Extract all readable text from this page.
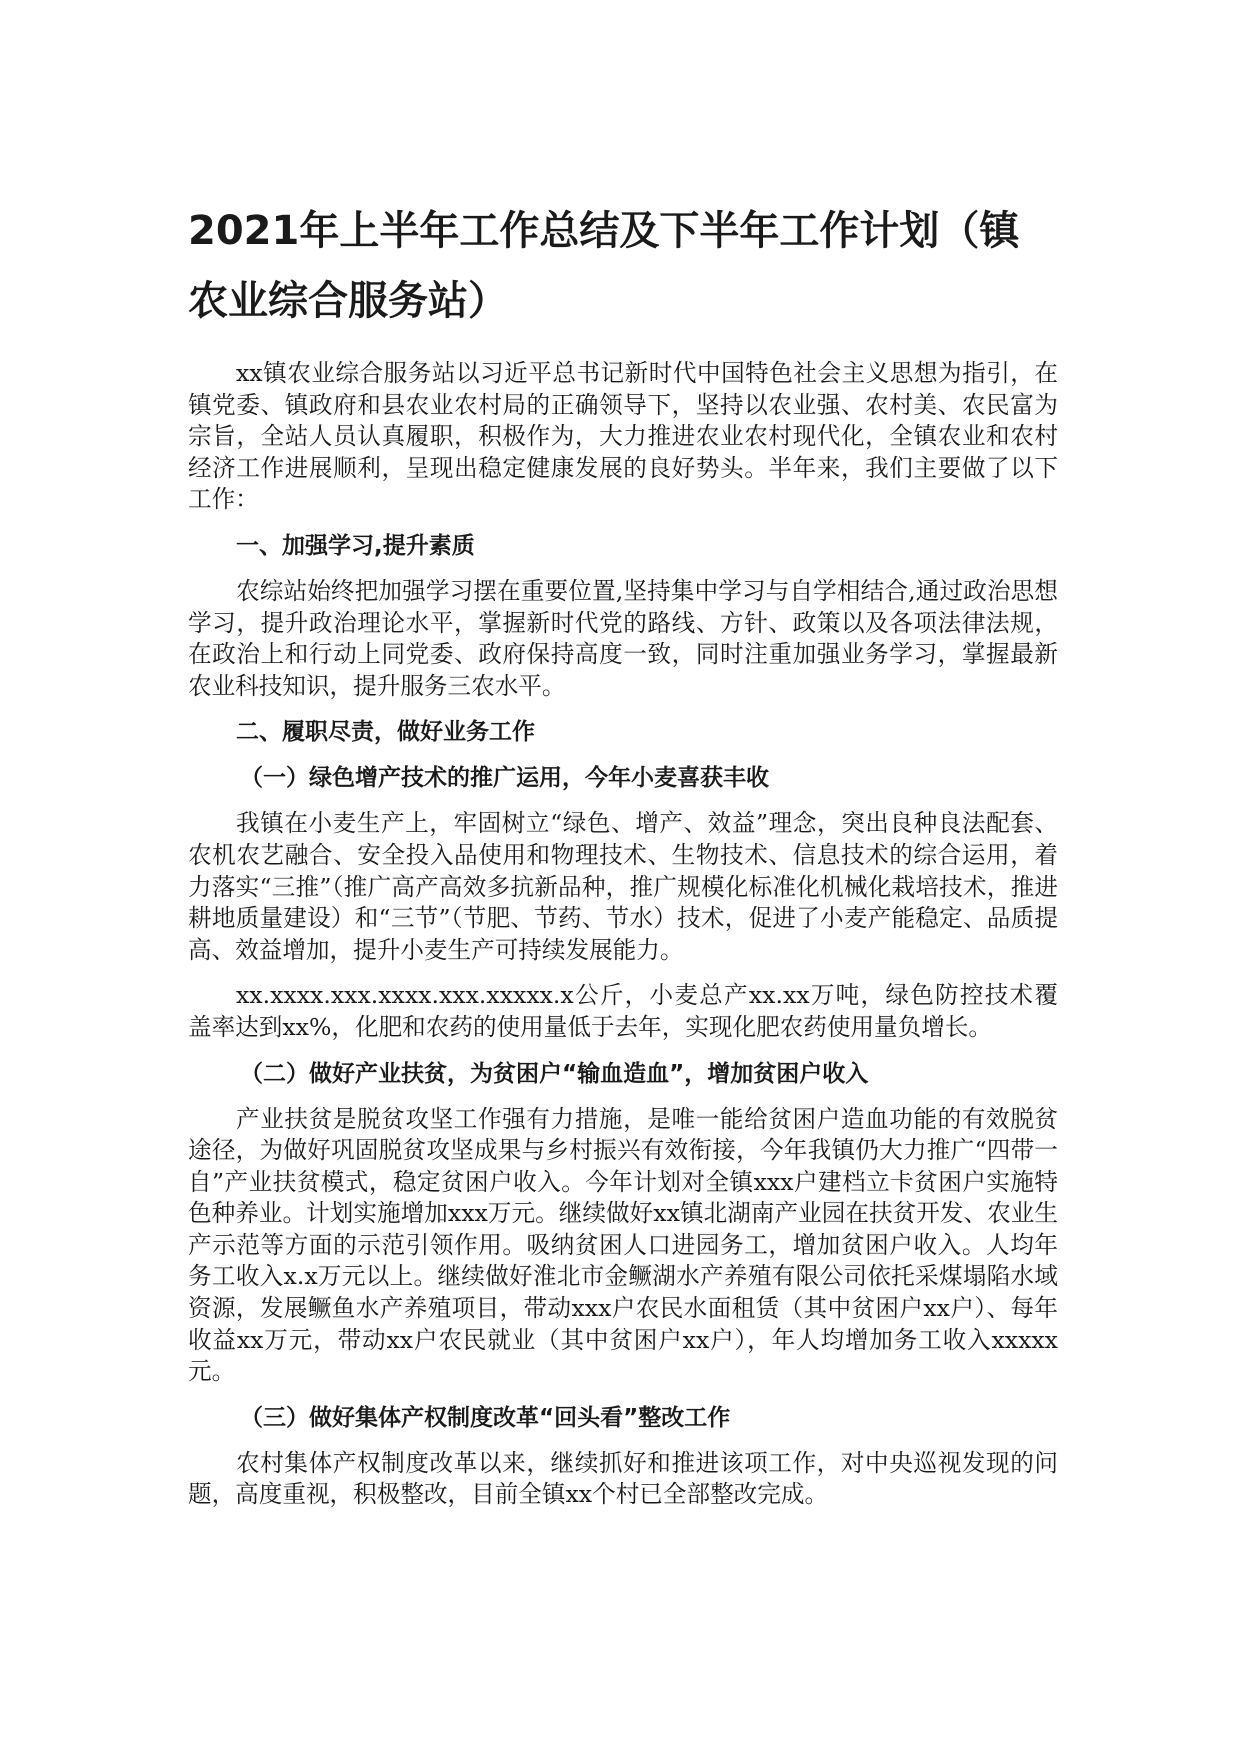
2021年上半年工作总结及下半年工作计划（镇农业综合服务站）

xx镇农业综合服务站以习近平总书记新时代中国特色社会主义思想为指引，在镇党委、镇政府和县农业农村局的正确领导下，坚持以农业强、农村美、农民富为宗旨，全站人员认真履职，积极作为，大力推进农业农村现代化，全镇农业和农村经济工作进展顺利，呈现出稳定健康发展的良好势头。半年来，我们主要做了以下工作：

一、加强学习,提升素质

农综站始终把加强学习摆在重要位置,坚持集中学习与自学相结合,通过政治思想学习，提升政治理论水平，掌握新时代党的路线、方针、政策以及各项法律法规，在政治上和行动上同党委、政府保持高度一致，同时注重加强业务学习，掌握最新农业科技知识，提升服务三农水平。

二、履职尽责，做好业务工作
（一）绿色增产技术的推广运用，今年小麦喜获丰收

我镇在小麦生产上，牢固树立“绿色、增产、效益”理念，突出良种良法配套、农机农艺融合、安全投入品使用和物理技术、生物技术、信息技术的综合运用，着力落实“三推”（推广高产高效多抗新品种，推广规模化标准化机械化栽培技术，推进耕地质量建设）和“三节”（节肥、节药、节水）技术，促进了小麦产能稳定、品质提高、效益增加，提升小麦生产可持续发展能力。

xx.xxxx.xxx.xxxx.xxx.xxxxx.x公斤，小麦总产xx.xx万吨，绿色防控技术覆盖率达到xx%，化肥和农药的使用量低于去年，实现化肥农药使用量负增长。

（二）做好产业扶贫，为贫困户“输血造血”，增加贫困户收入

产业扶贫是脱贫攻坚工作强有力措施，是唯一能给贫困户造血功能的有效脱贫途径，为做好巩固脱贫攻坚成果与乡村振兴有效衔接，今年我镇仍大力推广“四带一自”产业扶贫模式，稳定贫困户收入。今年计划对全镇xxx户建档立卡贫困户实施特色种养业。计划实施增加xxx万元。继续做好xx镇北湖南产业园在扶贫开发、农业生产示范等方面的示范引领作用。吸纳贫困人口进园务工，增加贫困户收入。人均年务工收入x.x万元以上。继续做好淮北市金鳜湖水产养殖有限公司依托采煤塌陷水域资源，发展鳜鱼水产养殖项目，带动xxx户农民水面租赁（其中贫困户xx户）、每年收益xx万元，带动xx户农民就业（其中贫困户xx户），年人均增加务工收入xxxxx元。

（三）做好集体产权制度改革“回头看”整改工作

农村集体产权制度改革以来，继续抓好和推进该项工作，对中央巡视发现的问题，高度重视，积极整改，目前全镇xx个村已全部整改完成。
